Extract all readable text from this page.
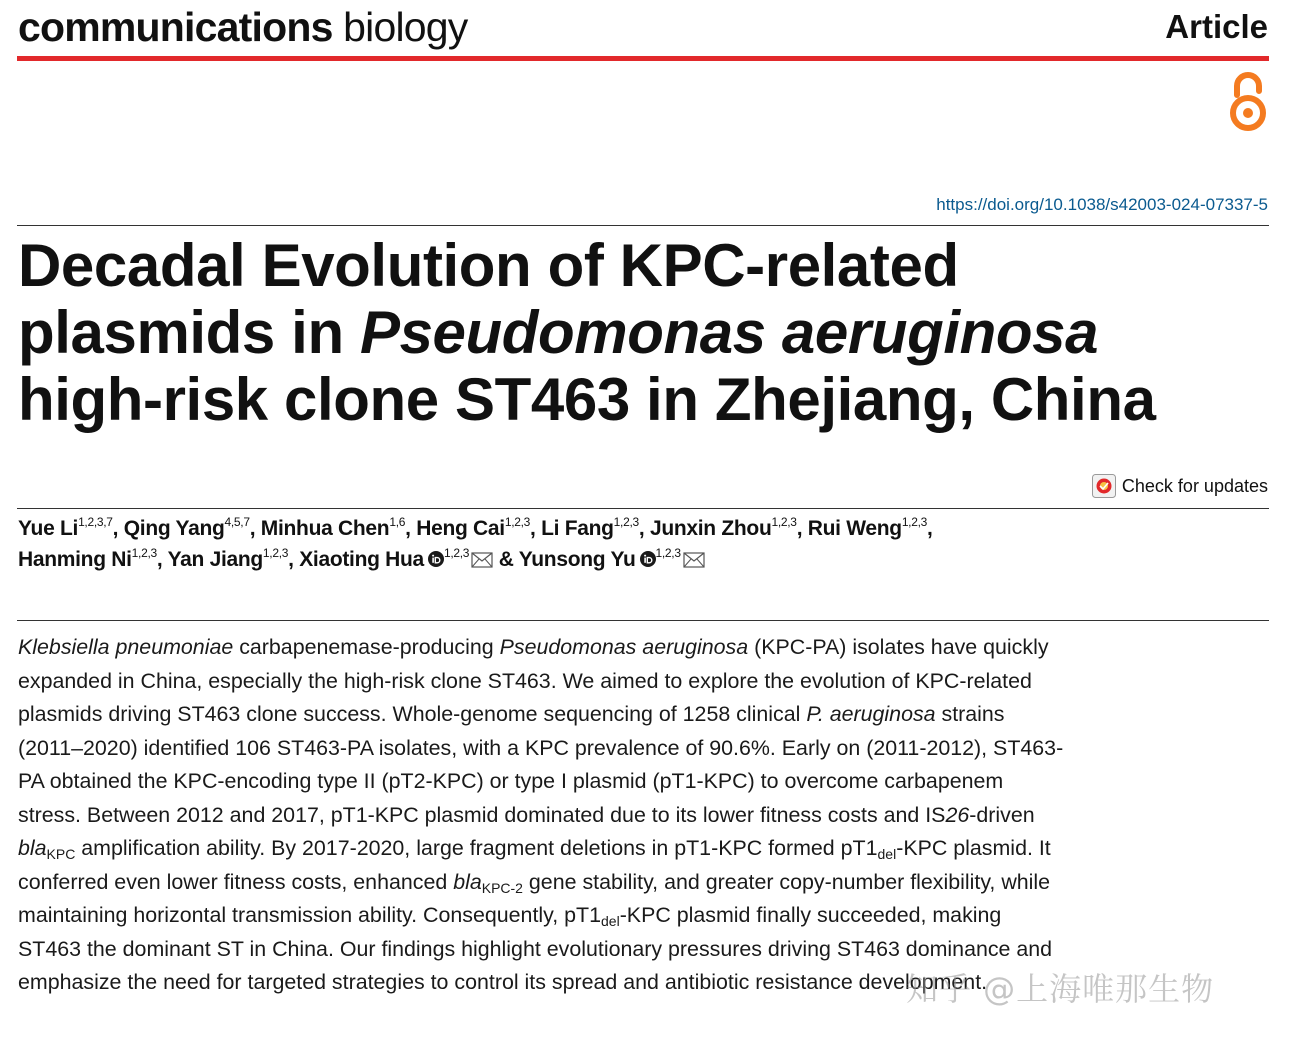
communications biology	Article
https://doi.org/10.1038/s42003-024-07337-5
Decadal Evolution of KPC-related
plasmids in Pseudomonas aeruginosa
high-risk clone ST463 in Zhejiang, China
Check for updates
Yue Li$^{1,2,3,7}$, Qing Yang$^{4,5,7}$, Minhua Chen$^{1,6}$, Heng Cai$^{1,2,3}$, Li Fang$^{1,2,3}$, Junxin Zhou$^{1,2,3}$, Rui Weng$^{1,2,3}$,
Hanming Ni$^{1,2,3}$, Yan Jiang$^{1,2,3}$, Xiaoting Hua $^{1,2,3}$ & Yunsong Yu $^{1,2,3}$

Klebsiella pneumoniae carbapenemase-producing Pseudomonas aeruginosa (KPC-PA) isolates have quickly expanded in China, especially the high-risk clone ST463. We aimed to explore the evolution of KPC-related plasmids driving ST463 clone success. Whole-genome sequencing of 1258 clinical P. aeruginosa strains (2011–2020) identified 106 ST463-PA isolates, with a KPC prevalence of 90.6%. Early on (2011-2012), ST463-PA obtained the KPC-encoding type II (pT2-KPC) or type I plasmid (pT1-KPC) to overcome carbapenem stress. Between 2012 and 2017, pT1-KPC plasmid dominated due to its lower fitness costs and IS26-driven bla$_{KPC}$ amplification ability. By 2017-2020, large fragment deletions in pT1-KPC formed $pT1_{del}$-KPC plasmid. It conferred even lower fitness costs, enhanced bla$_{KPC-2}$ gene stability, and greater copy-number flexibility, while maintaining horizontal transmission ability. Consequently, $pT1_{del}$-KPC plasmid finally succeeded, making ST463 the dominant ST in China. Our findings highlight evolutionary pressures driving ST463 dominance and emphasize the need for targeted strategies to control its spread and antibiotic resistance development.

知乎 @上海唯那生物
